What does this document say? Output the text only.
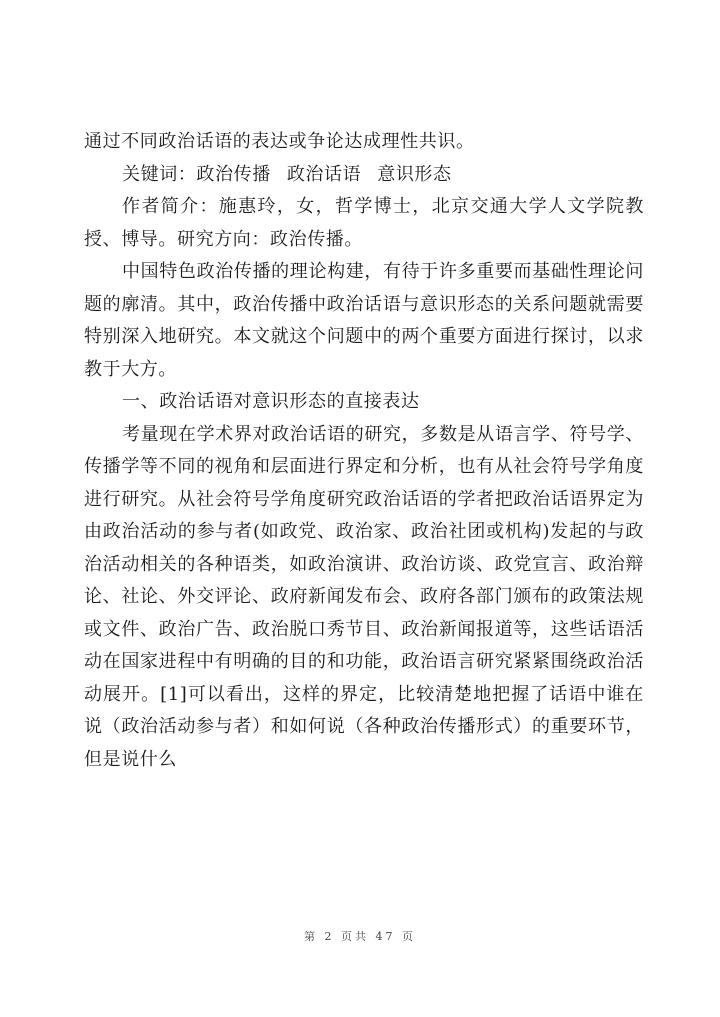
通过不同政治话语的表达或争论达成理性共识。

关键词：政治传播 政治话语 意识形态

作者简介：施惠玲，女，哲学博士，北京交通大学人文学院教授、博导。研究方向：政治传播。

中国特色政治传播的理论构建，有待于许多重要而基础性理论问题的廓清。其中，政治传播中政治话语与意识形态的关系问题就需要特别深入地研究。本文就这个问题中的两个重要方面进行探讨，以求教于大方。

一、政治话语对意识形态的直接表达

考量现在学术界对政治话语的研究，多数是从语言学、符号学、传播学等不同的视角和层面进行界定和分析，也有从社会符号学角度进行研究。从社会符号学角度研究政治话语的学者把政治话语界定为由政治活动的参与者(如政党、政治家、政治社团或机构)发起的与政治活动相关的各种语类，如政治演讲、政治访谈、政党宣言、政治辩论、社论、外交评论、政府新闻发布会、政府各部门颁布的政策法规或文件、政治广告、政治脱口秀节目、政治新闻报道等，这些话语活动在国家进程中有明确的目的和功能，政治语言研究紧紧围绕政治活动展开。[1]可以看出，这样的界定，比较清楚地把握了话语中谁在说（政治活动参与者）和如何说（各种政治传播形式）的重要环节，但是说什么

第 2 页共 47 页
